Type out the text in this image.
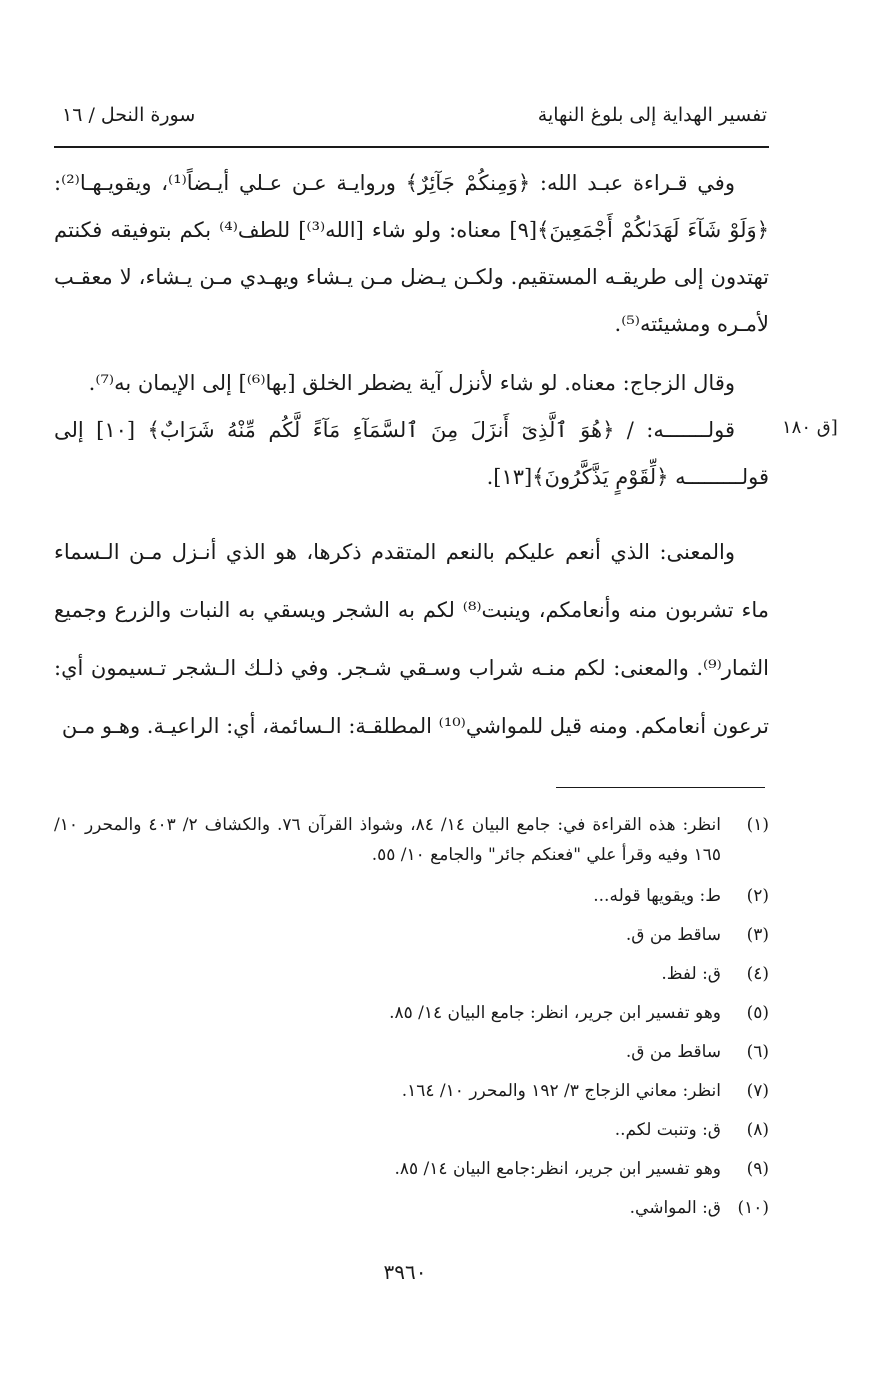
تفسير الهداية إلى بلوغ النهاية
سورة النحل / ١٦
[ق ١٨٠

وفي قـراءة عبـد الله: ﴿وَمِنكُمْ جَآئِرٌ﴾ وروايـة عـن عـلي أيـضاً⁽¹⁾، ويقويـهـا⁽²⁾: ﴿وَلَوْ شَآءَ لَهَدَىٰكُمْ أَجْمَعِينَ﴾[٩] معناه: ولو شاء [الله⁽³⁾] للطف⁽⁴⁾ بكم بتوفيقه فكنتم تهتدون إلى طريقـه المستقيم. ولكـن يـضل مـن يـشاء ويهـدي مـن يـشاء، لا معقـب لأمـره ومشيئته⁽⁵⁾.

وقال الزجاج: معناه. لو شاء لأنزل آية يضطر الخلق [بها⁽⁶⁾] إلى الإيمان به⁽⁷⁾.

قولـــــــه: / ﴿هُوَ ٱلَّذِىٓ أَنزَلَ مِنَ ٱلسَّمَآءِ مَآءً لَّكُم مِّنْهُ شَرَابٌ﴾ [١٠] إلى قولـــــــــه ﴿لِّقَوْمٍ يَذَّكَّرُونَ﴾[١٣].

والمعنى: الذي أنعم عليكم بالنعم المتقدم ذكرها، هو الذي أنـزل مـن الـسماء ماء تشربون منه وأنعامكم، وينبت⁽⁸⁾ لكم به الشجر ويسقي به النبات والزرع وجميع الثمار⁽⁹⁾. والمعنى: لكم منـه شراب وسـقي شـجر. وفي ذلـك الـشجر تـسيمون أي: ترعون أنعامكم. ومنه قيل للمواشي⁽¹⁰⁾ المطلقـة: الـسائمة، أي: الراعيـة. وهـو مـن

(١)
انظر: هذه القراءة في: جامع البيان ١٤/ ٨٤، وشواذ القرآن ٧٦. والكشاف ٢/ ٤٠٣ والمحرر ١٠/ ١٦٥ وفيه وقرأ علي "فعنكم جائر" والجامع ١٠/ ٥٥.
(٢)
ط: ويقويها قوله...
(٣)
ساقط من ق.
(٤)
ق: لفظ.
(٥)
وهو تفسير ابن جرير، انظر: جامع البيان ١٤/ ٨٥.
(٦)
ساقط من ق.
(٧)
انظر: معاني الزجاج ٣/ ١٩٢ والمحرر ١٠/ ١٦٤.
(٨)
ق: وتنبت لكم..
(٩)
وهو تفسير ابن جرير، انظر:جامع البيان ١٤/ ٨٥.
(١٠)
ق: المواشي.
٣٩٦٠
